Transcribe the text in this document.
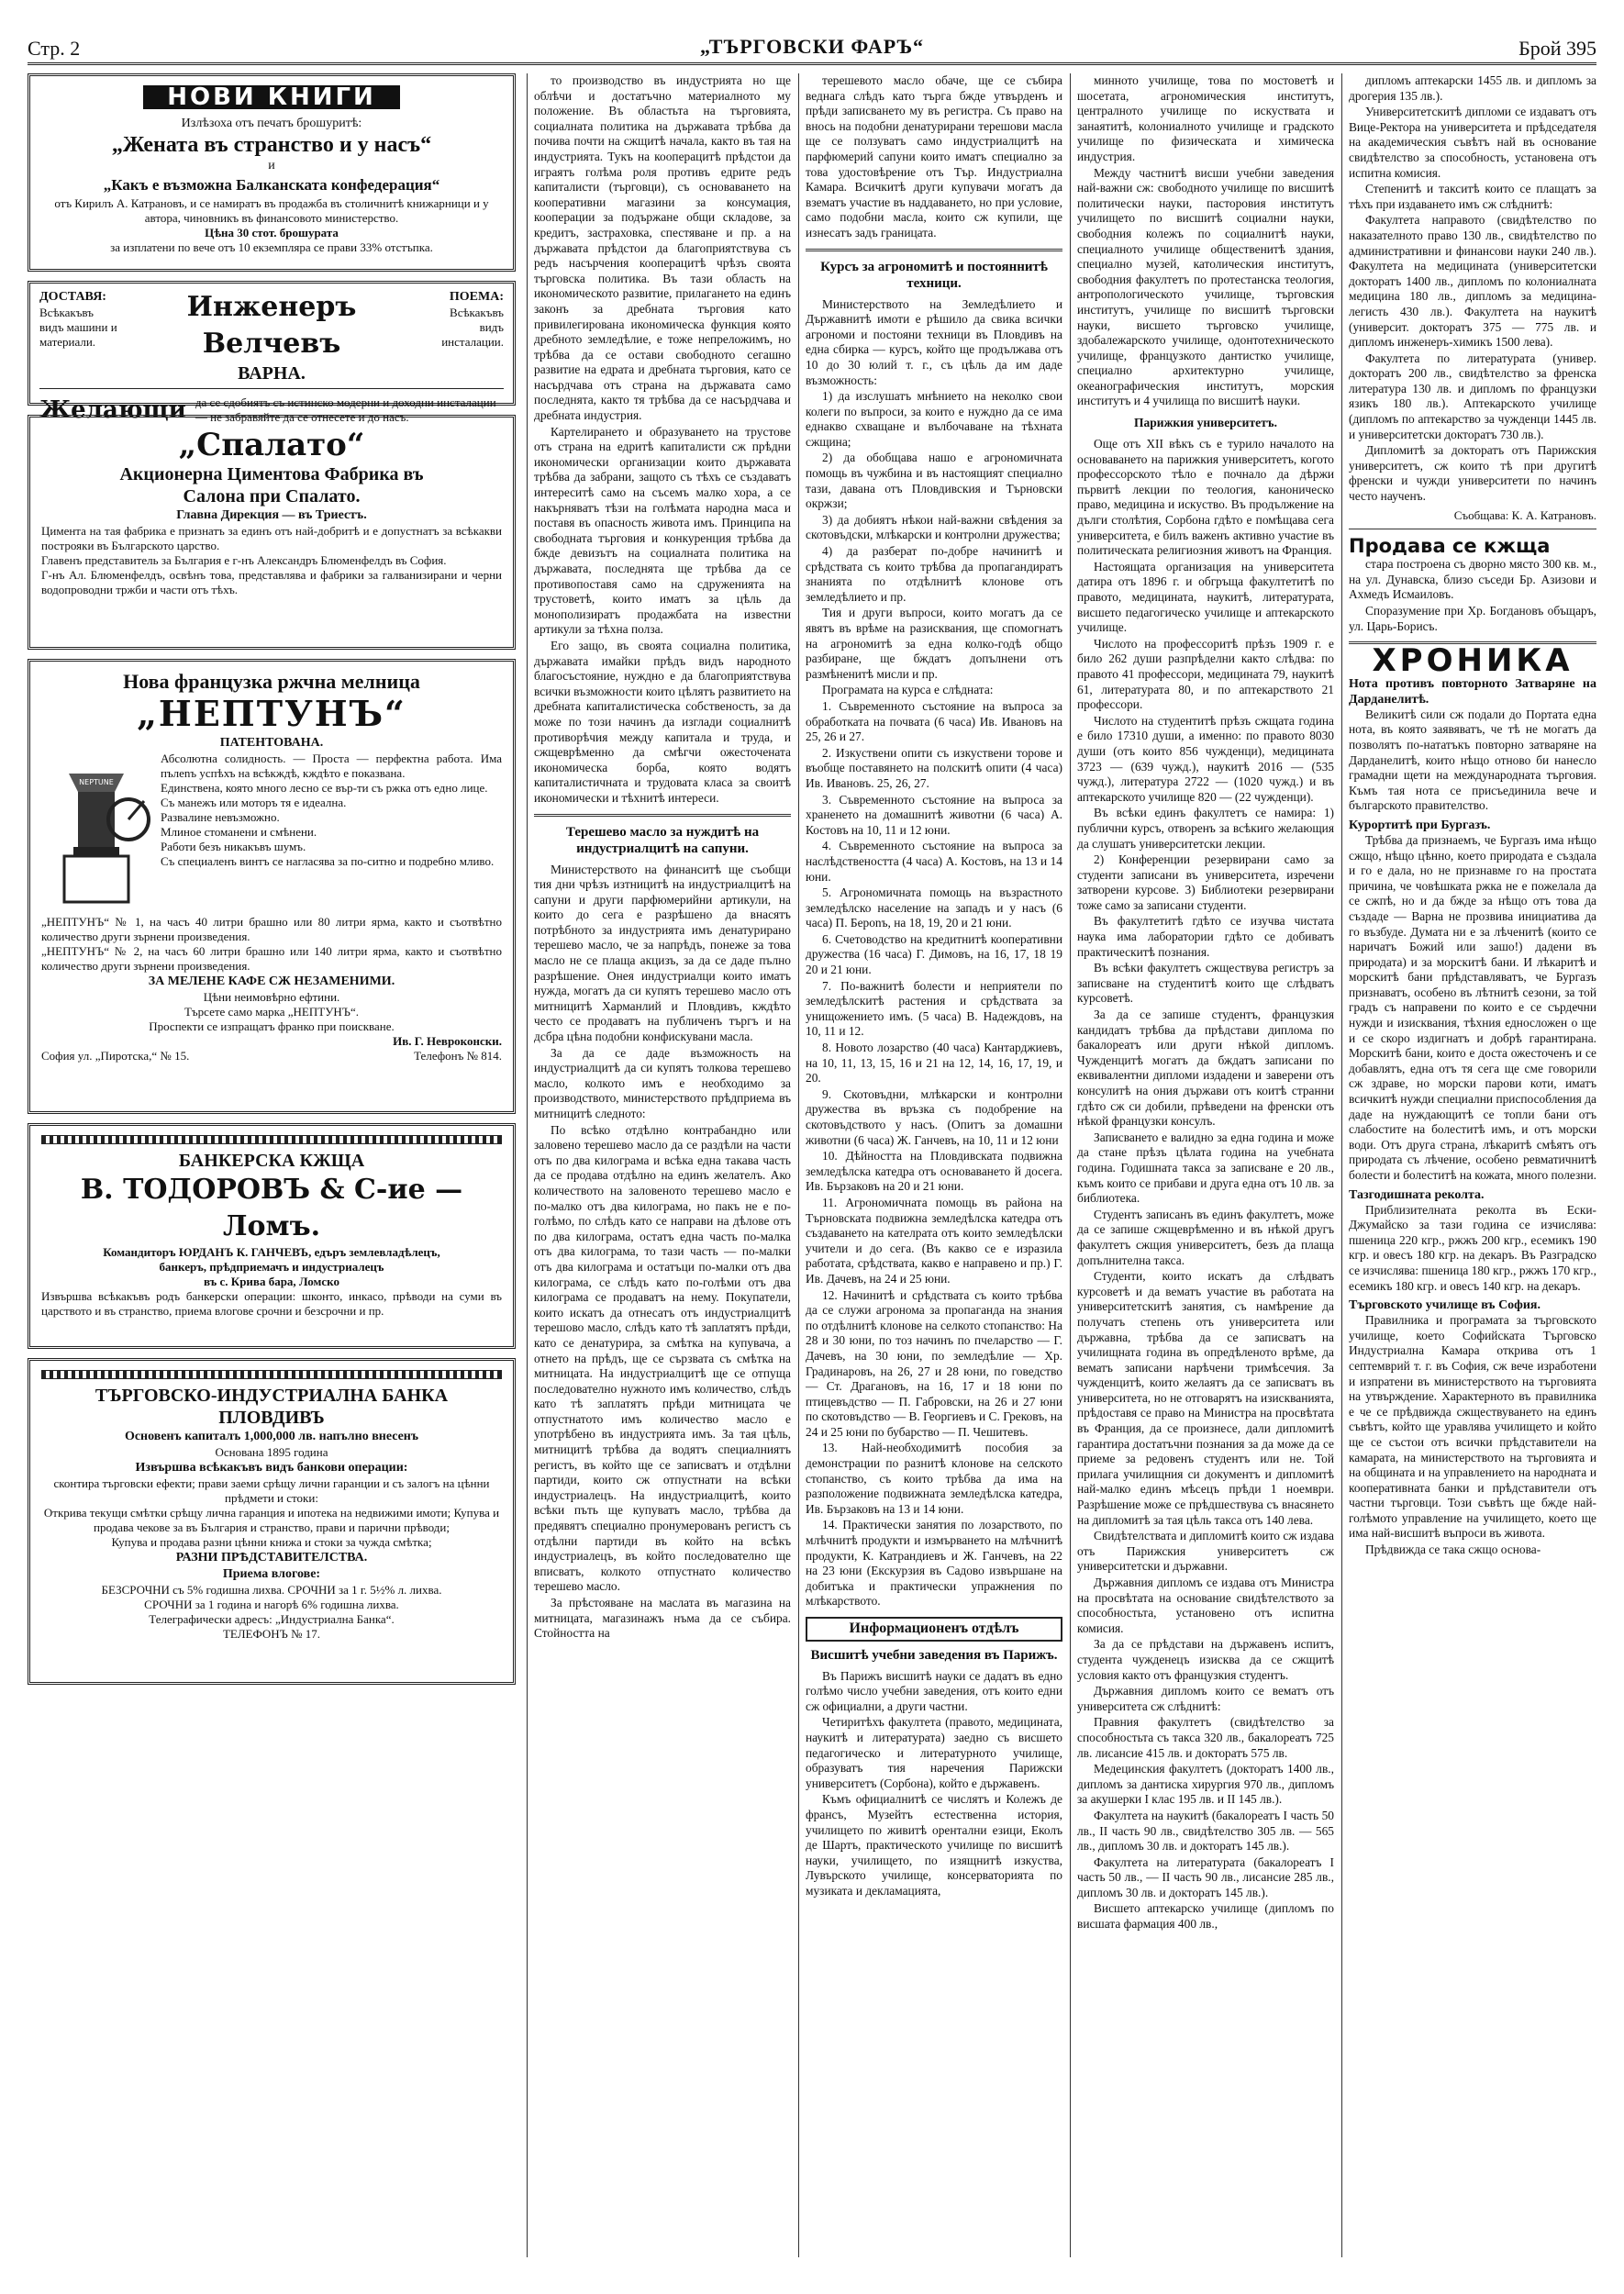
Стр. 2	„ТЪРГОВСКИ ФАРЪ“	Брой 395
НОВИ КНИГИ
Излѣзоха отъ печатъ брошуритѣ:
„Жената въ странство и у насъ“
и
„Какъ е възможна Балканската конфедерация“
отъ Кирилъ А. Катрановъ, и се намиратъ въ продажба въ столичнитѣ книжарници и у автора, чиновникъ въ финансовото министерство.
Цѣна 30 стот. брошурата
за изплатени по вече отъ 10 екземпляра се прави 33% отстъпка.
ДОСТАВЯ:
Всѣкакъвъ видъ машини и материали.
Инженеръ Велчевъ
ВАРНА.
ПОЕМА:
Всѣкакъвъ видъ инсталации.
Желающи да се сдобиятъ съ истинско модерни и доходни инсталации — не забравяйте да се отнесете и до насъ.
„Спалато“
Акционерна Циментова Фабрика въ
Салона при Спалато.
Главна Дирекция — въ Триестъ.
Цимента на тая фабрика е признатъ за единъ отъ най-добритѣ и е допустнатъ за всѣкакви построяки въ Българското царство.
Главенъ представитель за България е г-нъ Александръ Блюменфелдъ въ София.
Г-нъ Ал. Блюменфелдъ, освѣнъ това, представлява и фабрики за галванизирани и черни водопроводни тржби и части отъ тѣхъ.
Нова французка ржчна мелница
„НЕПТУНЪ“
ПАТЕНТОВАНА.
NEPTUNE
Абсолютна солидность. — Проста — перфектна работа. Има пълenъ успѣхъ на всѣкждѣ, кждѣто е показвана.
Единствена, която много лесно се вър-ти съ ржка отъ едно лице.
Съ манежъ или моторъ тя е идеална.
Развалине невъзможно.
Млиное стоманени и смѣнени.
Работи безъ никакъвъ шумъ.
Съ специаленъ винтъ се нагласява за по-ситно и подребно мливо.
„НЕПТУНЪ“ № 1, на часъ 40 литри брашно или 80 литри ярма, както и съотвѣтно количество други зърнени произведения.
„НЕПТУНЪ“ № 2, на часъ 60 литри брашно или 140 литри ярма, както и съотвѣтно количество други зърнени произведения.
ЗА МЕЛЕНЕ КАФЕ СЖ НЕЗАМЕНИМИ.
Цѣни неимовѣрно ефтини.
Търсете само марка „НЕПТУНЪ“.
Проспекти се изпращатъ франко при поискване.
Ив. Г. Невроконски.
София ул. „Пиротска,“ № 15.	Телефонъ № 814.
БАНКЕРСКА КЖЩА
В. ТОДОРОВЪ & С-ие — Ломъ.
Командиторъ ЮРДАНЪ К. ГАНЧЕВЪ, едъръ землевладѣлецъ,
банкеръ, прѣдприемачъ и индустриалецъ
въ с. Крива бара, Ломско
Извършва всѣкакъвъ родъ банкерски операции: шконто, инкасо, прѣводи на суми въ царството и въ странство, приема влогове срочни и безсрочни и пр.
ТЪРГОВСКО-ИНДУСТРИАЛНА БАНКА
ПЛОВДИВЪ
Основенъ капиталъ 1,000,000 лв. напълно внесенъ
Основана 1895 година
Извършва всѣкакъвъ видъ банкови операции:
сконтира търговски ефекти; прави заеми срѣщу лични гаранции и съ залогъ на цѣнни прѣдмети и стоки:
Открива текущи смѣтки срѣщу лична гаранция и ипотека на недвижими имоти; Купува и продава чекове за въ България и странство, прави и парични прѣводи;
Купува и продава разни цѣнни книжа и стоки за чужда смѣтка;
РАЗНИ ПРѢДСТАВИТЕЛСТВА.
Приема влогове:
БЕЗСРОЧНИ съ 5% годишна лихва. СРОЧНИ за 1 г. 5½% л. лихва.
СРОЧНИ за 1 година и нагорѣ 6% годишна лихва.
Телеграфически адресъ: „Индустриална Банка“.
ТЕЛЕФОНЪ № 17.

то производство въ индустрията но ще облѣчи и достатъчно материалното му положение. Въ областьта на търговията, социалната политика на държавата трѣбва да почива почти на сжщитѣ начала, както въ тая на индустрията. Тукъ на кооперацитѣ прѣдстои да играятъ голѣма роля противъ едрите редъ капиталисти (търговци), съ основаването на кооперативни магазини за консумация, кооперации за подържане общи складове, за кредитъ, застраховка, спестяване и пр. а на държавата прѣдстои да благоприятствува съ редъ насърчения кооперацитѣ чрѣзъ своята търговска политика. Въ тази область на икономическото развитие, прилагането на единъ законъ за дребната търговия като привилегирована икономическа функция която дребното земледѣлие, е тоже непреложимъ, но трѣбва да се остави свободното сегашно развитие на едрата и дребната търговия, като се насърдчава отъ страна на държавата само последнята, както тя трѣбва да се насърдчава и дребната индустрия.

Картелирането и образуването на трустове отъ страна на едритѣ капиталисти сж прѣдни икономически организации които държавата трѣбва да забрани, защото съ тѣхъ се създаватъ интереситѣ само на съсемъ малко хора, а се накърняватъ тѣзи на голѣмата народна маса и поставя въ опасность живота имъ. Принципа на свободната търговия и конкуренция трѣбва да бжде девизътъ на социалната политика на държавата, последнята ще трѣбва да се противопоставя само на сдруженията на трустоветѣ, които иматъ за цѣль да монополизиратъ продажбата на известни артикули за тѣхна полза.

Его защо, въ своята социална политика, държавата имайки прѣдъ видъ народното благосъстояние, нуждно е да благоприятствува всички възможности които цѣлятъ развитието на дребната капиталистическа собственость, за да може по този начинъ да изглади социалнитѣ противорѣчия между капитала и труда, и сжщеврѣменно да смѣгчи ожесточената икономическа борба, която водятъ капиталистичната и трудовата класа за своитѣ икономически и тѣхнитѣ интереси.

Терешево масло за нуждитѣ на индустриалцитѣ на сапуни.

Министерството на финанситѣ ще съобщи тия дни чрѣзъ изтницитѣ на индустриалцитѣ на сапуни и други парфюмерийни артикули, на които до сега е разрѣшено да внасятъ потрѣбното за индустрията имъ денатурирано терешево масло, че за напрѣдъ, понеже за това масло не се плаща акцизъ, за да се даде пълно разрѣшение. Онея индустриалци които иматъ нужда, могатъ да си купятъ терешево масло отъ митницитѣ Харманлий и Пловдивъ, кждѣто често се продаватъ на публиченъ търгъ и на дсбра цѣна подобни конфискувани масла.

За да се даде възможность на индустриалцитѣ да си купятъ толкова терешево масло, колкото имъ е необходимо за производството, министерството прѣдприема въ митницитѣ следното:

По всѣко отдѣлно контрабандно или заловено терешево масло да се раздѣли на части отъ по два килограма и всѣка една такава часть да се продава отдѣлно на единъ желателъ. Ако количеството на заловеното терешево масло е по-малко отъ два килограма, но пакъ не е по-голѣмо, по слѣдъ като се направи на дѣлове отъ по два килограма, остатъ една часть по-малка отъ два килограма, то тази часть — по-малки отъ два килограма и остатъци по-малки отъ два килограма, се слѣдъ като по-голѣми отъ два килограма се продаватъ на нему. Покупатели, които искатъ да отнесатъ отъ индустриалцитѣ терешово масло, слѣдъ като тѣ заплатятъ прѣди, като се денатурира, за смѣтка на купувача, а отнето на прѣдъ, ще се сързвата съ смѣтка на митницата. На индустриалцитѣ ще се отпуща последователно нужното имъ количество, слѣдъ като тѣ заплатятъ прѣди митницата че отпустнатото имъ количество масло е употрѣбено въ индустрията имъ. За тая цѣль, митницитѣ трѣбва да водятъ специалниятъ регистъ, въ който ще се записватъ и отдѣлни партиди, които сж отпустнати на всѣки индустриалецъ. На индустриалцитѣ, които всѣки пъть ще купуватъ масло, трѣбва да предявятъ специално пронумерованъ регистъ съ отдѣлни партиди въ който на всѣкъ индустриалецъ, въ който последователно ще вписватъ, колкото отпустнато количество терешево масло.

За прѣстояване на маслата въ магазина на митницата, магазинажъ нъма да се събира. Стойността на

терешевото масло обаче, ще се събира веднага слѣдъ като търга бжде утвърденъ и прѣди записването му въ регистра. Съ право на внось на подобни денатурирани терешови масла ще се ползуватъ само индустриалцитѣ на парфюмерий сапуни които иматъ специално за това удостовѣрение отъ Тър. Индустриална Камара. Всичкитѣ други купувачи могатъ да взематъ участие въ наддаването, но при условие, само подобни масла, които сж купили, ще изнесатъ задъ границата.

Курсъ за агрономитѣ и постояннитѣ техници.

Министерството на Земледѣлието и Държавнитѣ имоти е рѣшило да свика всички агрономи и постояни техници въ Пловдивъ на една сбирка — курсъ, който ще продължава отъ 10 до 30 юлий т. г., съ цѣль да им даде възможность:

1) да изслушатъ мнѣнието на неколко свои колеги по въпроси, за които е нуждно да се има еднакво схващане и вълбочаване на тѣхната сжщина;

2) да обобщава нашо е агрономичната помощь въ чужбина и въ настоящият специално тази, давана отъ Пловдивския и Търновски окржзи;

3) да добиятъ нѣкои най-важни свѣдения за скотовъдски, млѣкарски и контролни дружества;

4) да разберат по-добре начинитѣ и срѣдствата съ които трѣбва да пропагандиратъ знанията по отдѣлнитѣ клонове отъ земледѣлието и пр.

Тия и други въпроси, които могатъ да се явятъ въ врѣме на разисквания, ще спомогнатъ на агрономитѣ за една колко-годѣ общо разбиране, ще бждатъ допълнени отъ размѣненитѣ мисли и пр.

Програмата на курса е слѣдната:

1. Съвременното състояние на въпроса за обработката на почвата (6 часа) Ив. Ивановъ на 25, 26 и 27.

2. Изкуствени опити съ изкуствени торове и въобще поставянето на полскитѣ опити (4 часа) Ив. Ивановъ. 25, 26, 27.

3. Съвременното състояние на въпроса за храненето на домашнитѣ животни (6 часа) А. Костовъ на 10, 11 и 12 юни.

4. Съвременното състояние на въпроса за наслѣдствеността (4 часа) А. Костовъ, на 13 и 14 юни.

5. Агрономичната помощь на възрастното земледѣлско население на западъ и у насъ (6 часа) П. Бероnъ, на 18, 19, 20 и 21 юни.

6. Счетоводство на кредитнитѣ кооперативни дружества (16 часа) Г. Димовъ, на 16, 17, 18 19 20 и 21 юни.

7. По-важнитѣ болести и неприятели по земледѣлскитѣ растения и срѣдствата за унищожението имъ. (5 часа) В. Надеждовъ, на 10, 11 и 12.

8. Новото лозарство (40 часа) Кантарджиевъ, на 10, 11, 13, 15, 16 и 21 на 12, 14, 16, 17, 19, и 20.

9. Скотовъдни, млѣкарски и контролни дружества въ връзка съ подобрение на скотовъдството у насъ. (Опитъ за домашни животни (6 часа) Ж. Ганчевъ, на 10, 11 и 12 юни

10. Дѣйността на Пловдивската подвижна земледѣлска катедра отъ основаването й досега. Ив. Бързаковъ на 20 и 21 юни.

11. Агрономичната помощь въ района на Търновската подвижна земледѣлска катедра отъ създаването на кателрата отъ които земледѣлски учители и до сега. (Въ какво се е изразила работата, срѣдствата, какво е направено и пр.) Г. Ив. Дачевъ, на 24 и 25 юни.

12. Начинитѣ и срѣдствата съ които трѣбва да се служи агронома за пропаганда на знания по отдѣлнитѣ клонове на селкото стопанство: На 28 и 30 юни, по тоз начинъ по пчеларство — Г. Дачевъ, на 30 юни, по земледѣлие — Хр. Градинаровъ, на 26, 27 и 28 юни, по говедство — Ст. Драгановъ, на 16, 17 и 18 юни по птицевъдство — П. Габровски, на 26 и 27 юни по скотовъдство — В. Георгиевъ и С. Грековъ, на 24 и 25 юни по бубарство — П. Чешитевъ.

13. Най-необходимитѣ пособия за демонстрации по разнитѣ клонове на селското стопанство, съ които трѣбва да има на разположение подвижната земледѣлска катедра, Ив. Бързаковъ на 13 и 14 юни.

14. Практически занятия по лозарството, по млѣчнитѣ продукти и измърването на млѣчнитѣ продукти, К. Катрандиевъ и Ж. Ганчевъ, на 22 на 23 юни (Екскурзия въ Садово извършане на добитъка и практически упражнения по млѣкарството.

Информационенъ отдѣлъ
Висшитѣ учебни заведения въ Парижъ.

Въ Парижъ висшитѣ науки се дадатъ въ едно голѣмо число учебни заведения, отъ които едни сж официални, а други частни.

Четиритѣхъ факултета (правото, медицината, наукитѣ и литературата) заедно съ висшето педагогическо и литературното училище, образуватъ тия наречения Парижски университетъ (Сорбона), който е държавенъ.

Къмъ официалнитѣ се числятъ и Колежъ де франсъ, Музейтъ естественна история, училището по живитѣ орентални езици, Еколъ де Шартъ, практическото училище по висшитѣ науки, училището, по изящнитѣ изкуства, Лувърското училище, консерваторията по музиката и декламацията,

минното училище, това по мостоветѣ и шосетата, агрономическия институтъ, централното училище по искуствата и занаятитѣ, колониалното училище и градското училище по физическата и химическа индустрия.

Между частнитѣ висши учебни заведения най-важни сж: свободното училище по висшитѣ политически науки, пасторовия институтъ училището по висшитѣ социални науки, свободния колежъ по социалнитѣ науки, специалното училище общественитѣ здания, специално музей, католическия институтъ, свободния факултетъ по протестанска теология, антропологическото училище, търговския институтъ, училище по висшитѣ търговски науки, висшето търговско училище, здобалежарското училище, одонтотехническото училище, французкото дантистко училище, специално архитектурно училище, океанографическия институтъ, морския институтъ и 4 училища по висшитѣ науки.

Парижкия университетъ.

Още отъ XII вѣкъ съ е турило началото на основаването на парижкия университетъ, когото профессорското тѣло е почнало да дѣржи първитѣ лекции по теология, каноническо право, медицина и искуство. Въ продължение на дълги столѣтия, Сорбона гдѣто е помѣщава сега университета, е билъ важенъ активно участие въ политическата религиозния животъ на Франция.

Настоящата организация на университета датира отъ 1896 г. и обгръща факултетитѣ по правото, медицината, наукитѣ, литературата, висшето педагогическо училище и аптекарското училище.

Числото на профессоритѣ прѣзъ 1909 г. е било 262 души разпрѣделни както слѣдва: по правото 41 профессори, медицината 79, наукитѣ 61, литературата 80, и по аптекарството 21 профессори.

Числото на студентитѣ прѣзъ сжщата година е било 17310 души, а именно: по правото 8030 души (отъ които 856 чужденци), медицината 3723 — (639 чужд.), наукитѣ 2016 — (535 чужд.), литература 2722 — (1020 чужд.) и въ аптекарското училище 820 — (22 чужденци).

Въ всѣки единъ факултетъ се намира: 1) публични курсъ, отворенъ за всѣкиго желающия да слушатъ университетски лекции.

2) Конференции резервирани само за студенти записани въ университета, изречени затворени курсове. 3) Библиотеки резервирани тоже само за записани студенти.

Въ факултетитѣ гдѣто се изучва чистата наука има лаборатории гдѣто се добиватъ практическитѣ познания.

Въ всѣки факултетъ сжществува регистръ за записване на студентитѣ които ще слѣдватъ курсоветѣ.

За да се запише студентъ, французкия кандидатъ трѣбва да прѣдстави диплома по бакалореатъ или други нѣкой дипломъ. Чужденцитѣ могатъ да бждатъ записани по еквивалентни дипломи издадени и заверени отъ консулитѣ на ония държави отъ коитѣ странни гдѣто сж си добили, прѣведени на френски отъ нѣкой французки консулъ.

Записването е валидно за една година и може да стане прѣзъ цѣлата година на учебната година. Годишната такса за записване е 20 лв., къмъ които се прибави и друга една отъ 10 лв. за библиотека.

Студентъ записанъ въ единъ факултетъ, може да се запише сжщеврѣменно и въ нѣкой другъ факултетъ сжщия университетъ, безъ да плаща допълнителна такса.

Студенти, които искатъ да слѣдватъ курсоветѣ и да вематъ участие въ работата на университетскитѣ занятия, съ намѣрение да получатъ степень отъ университета или държавна, трѣбва да се записватъ на училищната година въ опредѣленото врѣме, да вематъ записани нарѣчени тримѣсечия. За чужденцитѣ, които желаятъ да се записватъ въ университета, но не отговарятъ на изискванията, прѣдоставя се право на Министра на просвѣтата въ Франция, да се произнесе, дали дипломитѣ гарантира достатъчни познания за да може да се приеме за редовенъ студентъ или не. Той прилага училищния си документъ и дипломитѣ най-малко единъ мѣсецъ прѣди 1 ноември. Разрѣшение може се прѣдшествува съ внасянето на дипломитѣ за тая цѣль такса отъ 140 лева.

Свидѣтелствата и дипломитѣ които сж издава отъ Парижския университетъ сж университетски и държавни.

Държавния дипломъ се издава отъ Министра на просвѣтата на основание свидѣтелството за способностьта, установено отъ испитна комисия.

За да се прѣдстави на държавенъ испитъ, студента чужденецъ изисква да се сжщитѣ условия както отъ французкия студентъ.

Държавния дипломъ които се вематъ отъ университета сж слѣднитѣ:

Правния факултетъ (свидѣтелство за способностьта съ такса 320 лв., бакалореатъ 725 лв. лисансие 415 лв. и докторатъ 575 лв.

Медецинския факултетъ (докторатъ 1400 лв., дипломъ за дантиска хирургия 970 лв., дипломъ за акушерки I клас 195 лв. и II 145 лв.).

Факултета на наукитѣ (бакалореатъ I часть 50 лв., II часть 90 лв., свидѣтелство 305 лв. — 565 лв., дипломъ 30 лв. и докторатъ 145 лв.).

Факултета на литературата (бакалореатъ I часть 50 лв., — II часть 90 лв., лисансие 285 лв., дипломъ 30 лв. и докторатъ 145 лв.).

Висшето аптекарско училище (дипломъ по висшата фармация 400 лв.,

дипломъ аптекарски 1455 лв. и дипломъ за дрогерия 135 лв.).

Университетскитѣ дипломи се издаватъ отъ Вице-Ректора на университета и прѣдседателя на академическия съвѣтъ най въ основание свидѣтелство за способность, установена отъ испитна комисия.

Степенитѣ и такситѣ които се плащатъ за тѣхъ при издаването имъ сж слѣднитѣ:

Факултета направото (свидѣтелство по наказателното право 130 лв., свидѣтелство по административни и финансови науки 240 лв.). Факултета на медицината (университетски докторатъ 1400 лв., дипломъ по колониалната медицина 180 лв., дипломъ за медицина-легисть 430 лв.). Факултета на наукитѣ (университ. докторатъ 375 — 775 лв. и дипломъ инженеръ-химикъ 1500 лева).

Факултета по литературата (универ. докторатъ 200 лв., свидѣтелство за френска литература 130 лв. и дипломъ по французки язикъ 180 лв.). Аптекарското училище (дипломъ по аптекарство за чужденци 1445 лв. и университетски докторатъ 730 лв.).

Дипломитѣ за докторатъ отъ Парижския университетъ, сж които тѣ при другитѣ френски и чужди университети по начинъ често наученъ.

Съобщава: К. А. Катрановъ.
Продава се кжща

стара построена съ дворно място 300 кв. м., на ул. Дунавска, близо съседи Бр. Азизови и Ахмедъ Исмаиловъ.

Споразумение при Хр. Богдановъ объщаръ, ул. Царь-Борисъ.

ХРОНИКА
Нота противъ повторното Затваряне на Дарданелитѣ.

Великитѣ сили сж подали до Портата една нота, въ която заявяватъ, че тѣ не могатъ да позволятъ по-нататъкъ повторно затваряне на Дарданелитѣ, които нѣщо отново би нанесло грамадни щети на международната търговия. Къмъ тая нота се присъединила вече и българското правителство.

Курортитѣ при Бургазъ.

Трѣбва да признаемъ, че Бургазъ има нѣщо сжщо, нѣщо цѣнно, което природата е създала и го е дала, но не признавме го на простата причина, че човѣшката ржка не е пожелала да се сжпѣ, но и да бжде за нѣщо отъ това да създаде — Варна не прозвива инициатива да го възбуде. Думата ни е за лѣченитѣ (които се наричатъ Божий или зашо!) дадени въ природата) и за морскитѣ бани. И лѣкаритѣ и морскитѣ бани прѣдставляватъ, че Бургазъ признаватъ, особено въ лѣтнитѣ сезони, за той градъ съ направени по които е се сърдечни нужди и изисквания, тѣхния едносложен о ще и се скоро издигнатъ и добрѣ гарантирана. Морскитѣ бани, които е доста ожесточенъ и се добавлятъ, една отъ тя сега ще сме говорили сж здраве, но морски парови коти, иматъ всичкитѣ нужди специални приспособления да даде на нуждающитѣ се топли бани отъ слабостите на болеститѣ имъ, и отъ морски води. Отъ друга страна, лѣкаритѣ смѣятъ отъ природата съ лѣчение, особено ревматичнитѣ болести и болеститѣ на кожата, много полезни.

Тазгодишната реколта.

Приблизителната реколта въ Ески-Джумайско за тази година се изчислява: пшеница 220 кгр., ржжъ 200 кгр., есемикъ 190 кгр. и овесъ 180 кгр. на декаръ. Въ Разградско се изчислява: пшеница 180 кгр., ржжъ 170 кгр., есемикъ 180 кгр. и овесъ 140 кгр. на декаръ.

Търговското училище въ София.

Правилника и програмата за търговското училище, което Софийската Търговско Индустриална Камара открива отъ 1 септемврий т. г. въ София, сж вече изработени и изпратени въ министерството на търговията на утвърждение. Характерното въ правилника е че се прѣдвижда сжществуването на единъ съвѣтъ, който ще уравлява училището и който ще се състои отъ всички прѣдставители на камарата, на министерството на търговията и на общината и на управлението на народната и кооперативната банки и прѣдставители отъ частни търговци. Този съвѣтъ ще бжде най-голѣмото управление на училището, което ще има най-висшитѣ въпроси въ живота.

Прѣдвижда се така сжщо основа-
